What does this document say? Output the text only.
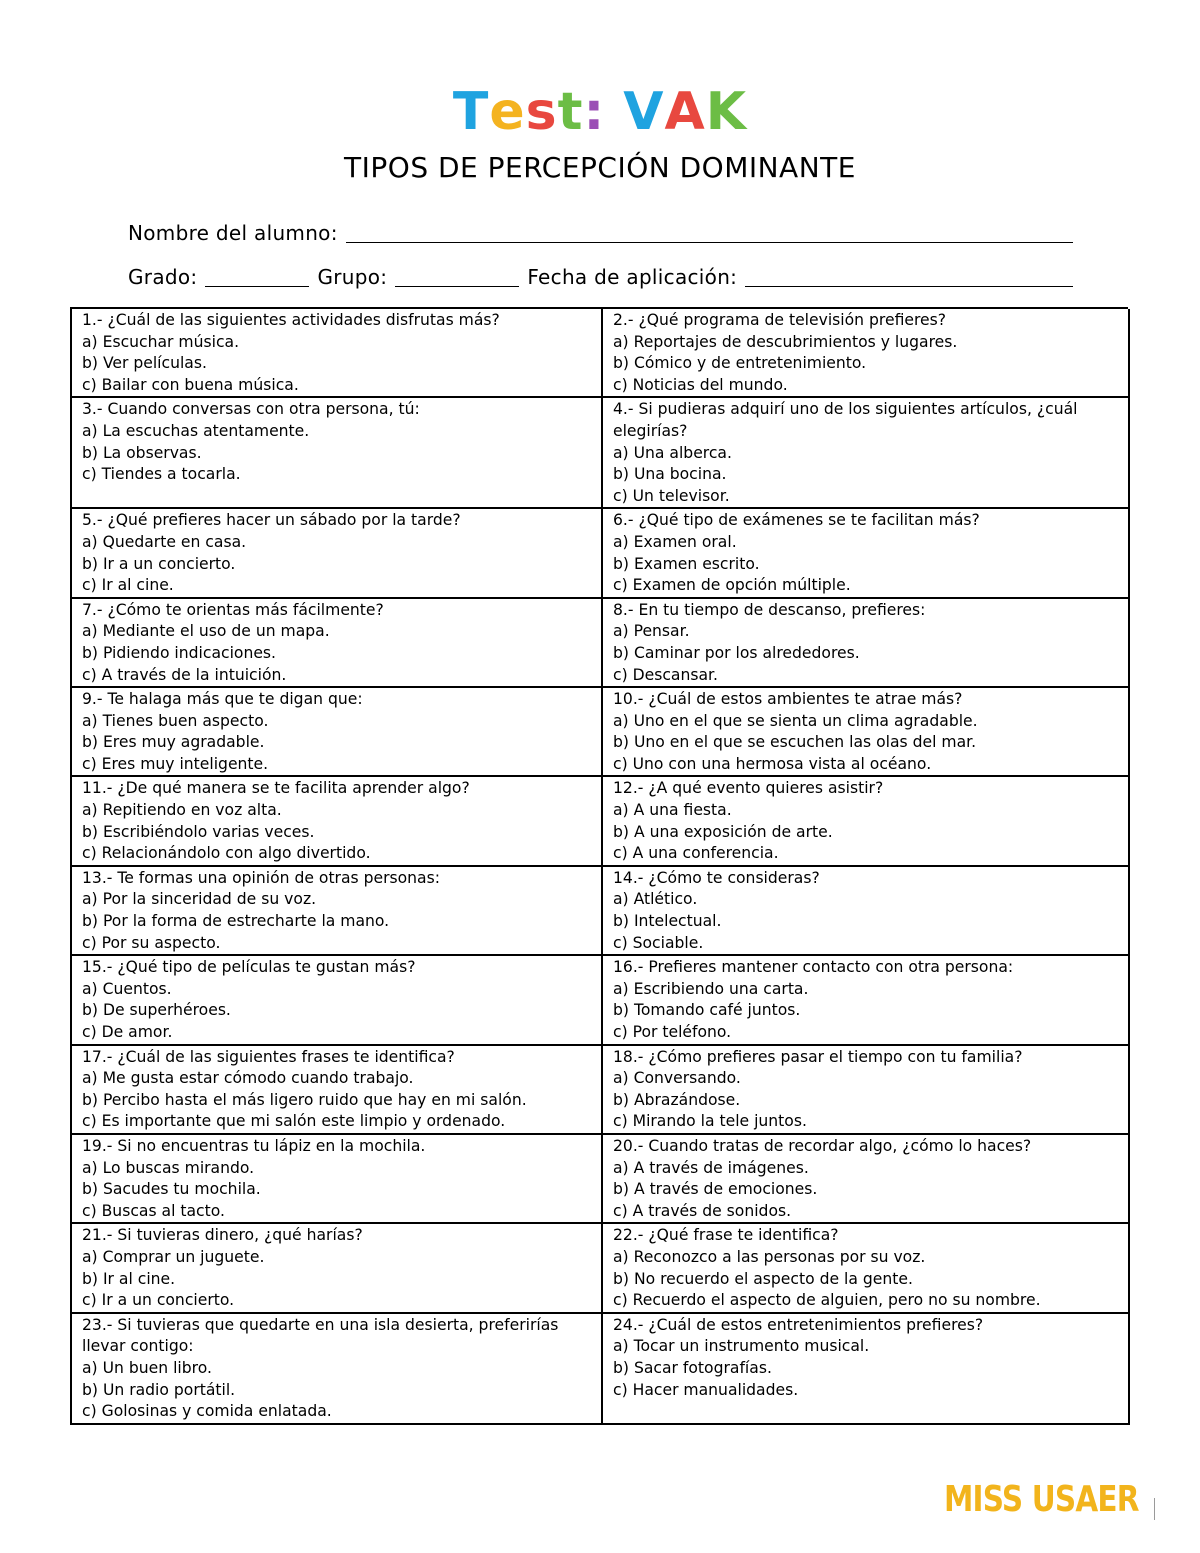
Test: VAK
TIPOS DE PERCEPCIÓN DOMINANTE
Nombre del alumno:
Grado:	Grupo:	Fecha de aplicación:
1.- ¿Cuál de las siguientes actividades disfrutas más?
a) Escuchar música.
b) Ver películas.
c) Bailar con buena música.
2.- ¿Qué programa de televisión prefieres?
a) Reportajes de descubrimientos y lugares.
b) Cómico y de entretenimiento.
c) Noticias del mundo.
3.- Cuando conversas con otra persona, tú:
a) La escuchas atentamente.
b) La observas.
c) Tiendes a tocarla.
4.- Si pudieras adquirí uno de los siguientes artículos, ¿cuál elegirías?
a) Una alberca.
b) Una bocina.
c) Un televisor.
5.- ¿Qué prefieres hacer un sábado por la tarde?
a) Quedarte en casa.
b) Ir a un concierto.
c) Ir al cine.
6.- ¿Qué tipo de exámenes se te facilitan más?
a) Examen oral.
b) Examen escrito.
c) Examen de opción múltiple.
7.- ¿Cómo te orientas más fácilmente?
a) Mediante el uso de un mapa.
b) Pidiendo indicaciones.
c) A través de la intuición.
8.- En tu tiempo de descanso, prefieres:
a) Pensar.
b) Caminar por los alrededores.
c) Descansar.
9.- Te halaga más que te digan que:
a) Tienes buen aspecto.
b) Eres muy agradable.
c) Eres muy inteligente.
10.- ¿Cuál de estos ambientes te atrae más?
a) Uno en el que se sienta un clima agradable.
b) Uno en el que se escuchen las olas del mar.
c) Uno con una hermosa vista al océano.
11.- ¿De qué manera se te facilita aprender algo?
a) Repitiendo en voz alta.
b) Escribiéndolo varias veces.
c) Relacionándolo con algo divertido.
12.- ¿A qué evento quieres asistir?
a) A una fiesta.
b) A una exposición de arte.
c) A una conferencia.
13.- Te formas una opinión de otras personas:
a) Por la sinceridad de su voz.
b) Por la forma de estrecharte la mano.
c) Por su aspecto.
14.- ¿Cómo te consideras?
a) Atlético.
b) Intelectual.
c) Sociable.
15.- ¿Qué tipo de películas te gustan más?
a) Cuentos.
b) De superhéroes.
c) De amor.
16.- Prefieres mantener contacto con otra persona:
a) Escribiendo una carta.
b) Tomando café juntos.
c) Por teléfono.
17.- ¿Cuál de las siguientes frases te identifica?
a) Me gusta estar cómodo cuando trabajo.
b) Percibo hasta el más ligero ruido que hay en mi salón.
c) Es importante que mi salón este limpio y ordenado.
18.- ¿Cómo prefieres pasar el tiempo con tu familia?
a) Conversando.
b) Abrazándose.
c) Mirando la tele juntos.
19.- Si no encuentras tu lápiz en la mochila.
a) Lo buscas mirando.
b) Sacudes tu mochila.
c) Buscas al tacto.
20.- Cuando tratas de recordar algo, ¿cómo lo haces?
a) A través de imágenes.
b) A través de emociones.
c) A través de sonidos.
21.- Si tuvieras dinero, ¿qué harías?
a) Comprar un juguete.
b) Ir al cine.
c) Ir a un concierto.
22.- ¿Qué frase te identifica?
a) Reconozco a las personas por su voz.
b) No recuerdo el aspecto de la gente.
c) Recuerdo el aspecto de alguien, pero no su nombre.
23.- Si tuvieras que quedarte en una isla desierta, preferirías llevar contigo:
a) Un buen libro.
b) Un radio portátil.
c) Golosinas y comida enlatada.
24.- ¿Cuál de estos entretenimientos prefieres?
a) Tocar un instrumento musical.
b) Sacar fotografías.
c) Hacer manualidades.
MISS USAER
